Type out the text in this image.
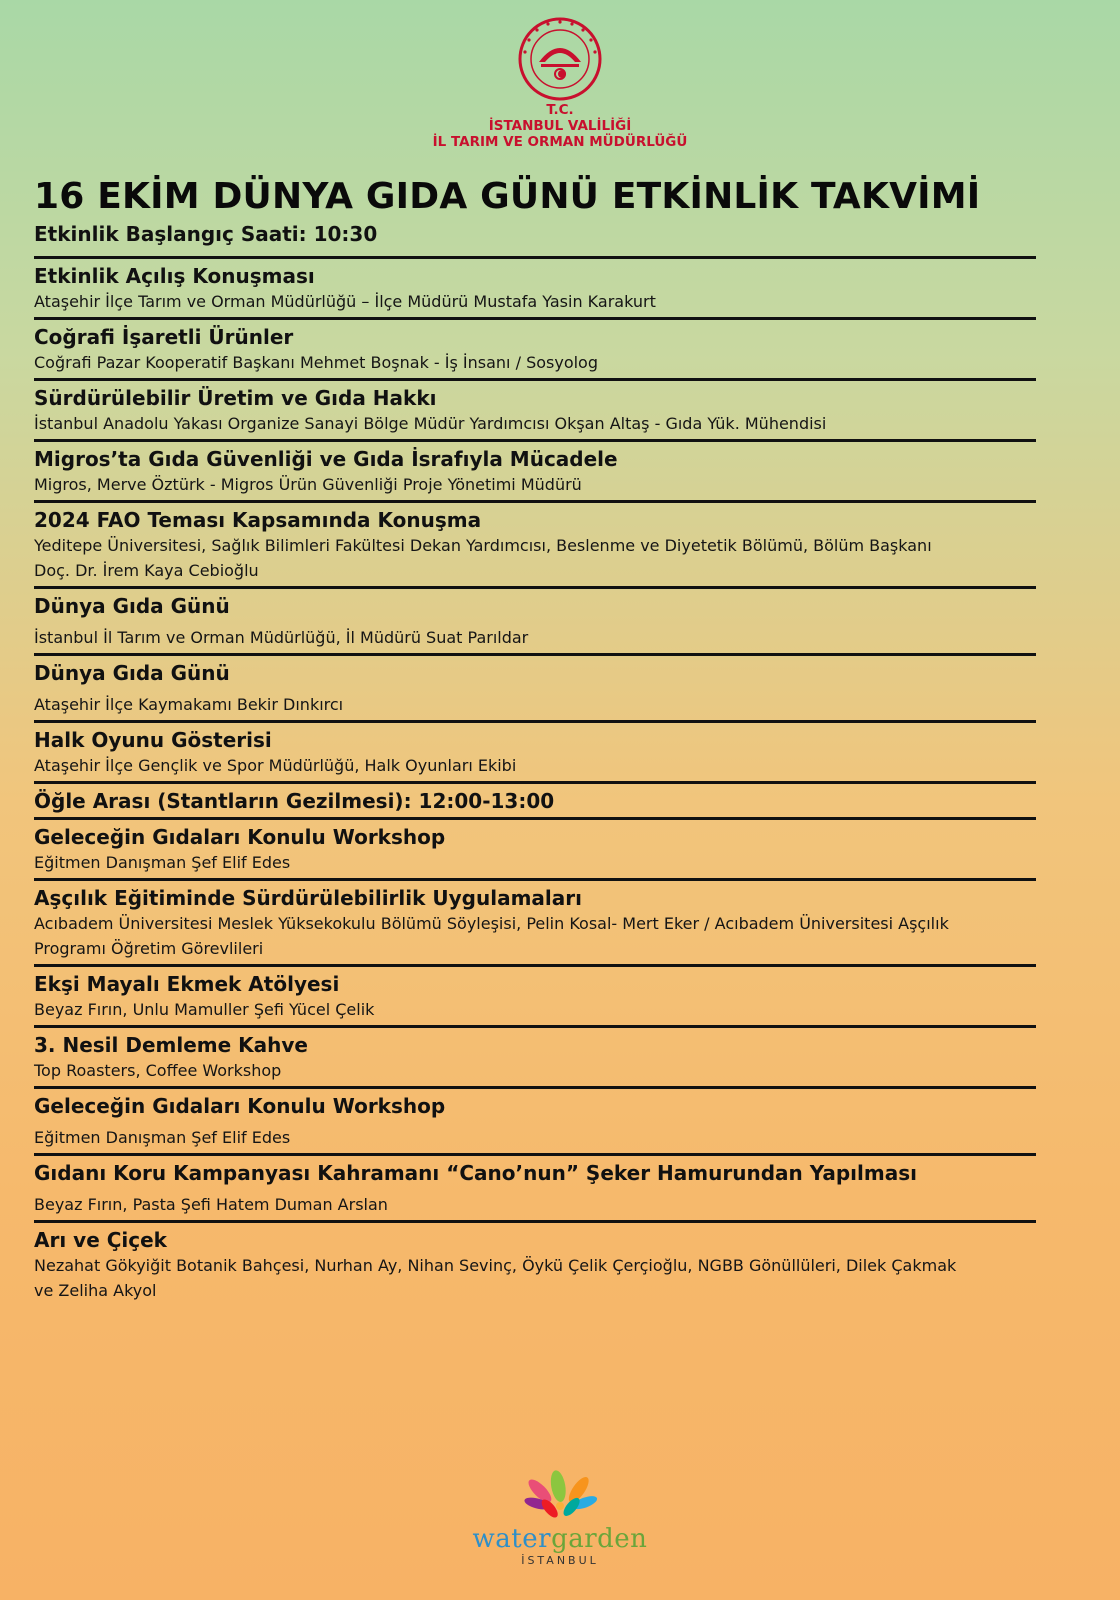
T.C.
İSTANBUL VALİLİĞİ
İL TARIM VE ORMAN MÜDÜRLÜĞÜ
16 EKİM DÜNYA GIDA GÜNÜ ETKİNLİK TAKVİMİ
Etkinlik Başlangıç Saati: 10:30
Etkinlik Açılış Konuşması
Ataşehir İlçe Tarım ve Orman Müdürlüğü – İlçe Müdürü Mustafa Yasin Karakurt
Coğrafi İşaretli Ürünler
Coğrafi Pazar Kooperatif Başkanı Mehmet Boşnak - İş İnsanı / Sosyolog
Sürdürülebilir Üretim ve Gıda Hakkı
İstanbul Anadolu Yakası Organize Sanayi Bölge Müdür Yardımcısı Okşan Altaş - Gıda Yük. Mühendisi
Migros’ta Gıda Güvenliği ve Gıda İsrafıyla Mücadele
Migros, Merve Öztürk - Migros Ürün Güvenliği Proje Yönetimi Müdürü
2024 FAO Teması Kapsamında Konuşma
Yeditepe Üniversitesi, Sağlık Bilimleri Fakültesi Dekan Yardımcısı, Beslenme ve Diyetetik Bölümü, Bölüm Başkanı
Doç. Dr. İrem Kaya Cebioğlu
Dünya Gıda Günü
İstanbul İl Tarım ve Orman Müdürlüğü, İl Müdürü Suat Parıldar
Dünya Gıda Günü
Ataşehir İlçe Kaymakamı Bekir Dınkırcı
Halk Oyunu Gösterisi
Ataşehir İlçe Gençlik ve Spor Müdürlüğü, Halk Oyunları Ekibi
Öğle Arası (Stantların Gezilmesi): 12:00-13:00
Geleceğin Gıdaları Konulu Workshop
Eğitmen Danışman Şef Elif Edes
Aşçılık Eğitiminde Sürdürülebilirlik Uygulamaları
Acıbadem Üniversitesi Meslek Yüksekokulu Bölümü Söyleşisi, Pelin Kosal- Mert Eker / Acıbadem Üniversitesi Aşçılık
Programı Öğretim Görevlileri
Ekşi Mayalı Ekmek Atölyesi
Beyaz Fırın, Unlu Mamuller Şefi Yücel Çelik
3. Nesil Demleme Kahve
Top Roasters, Coffee Workshop
Geleceğin Gıdaları Konulu Workshop
Eğitmen Danışman Şef Elif Edes
Gıdanı Koru Kampanyası Kahramanı “Cano’nun” Şeker Hamurundan Yapılması
Beyaz Fırın, Pasta Şefi Hatem Duman Arslan
Arı ve Çiçek
Nezahat Gökyiğit Botanik Bahçesi, Nurhan Ay, Nihan Sevinç, Öykü Çelik Çerçioğlu, NGBB Gönüllüleri, Dilek Çakmak
ve Zeliha Akyol
watergarden
İSTANBUL
